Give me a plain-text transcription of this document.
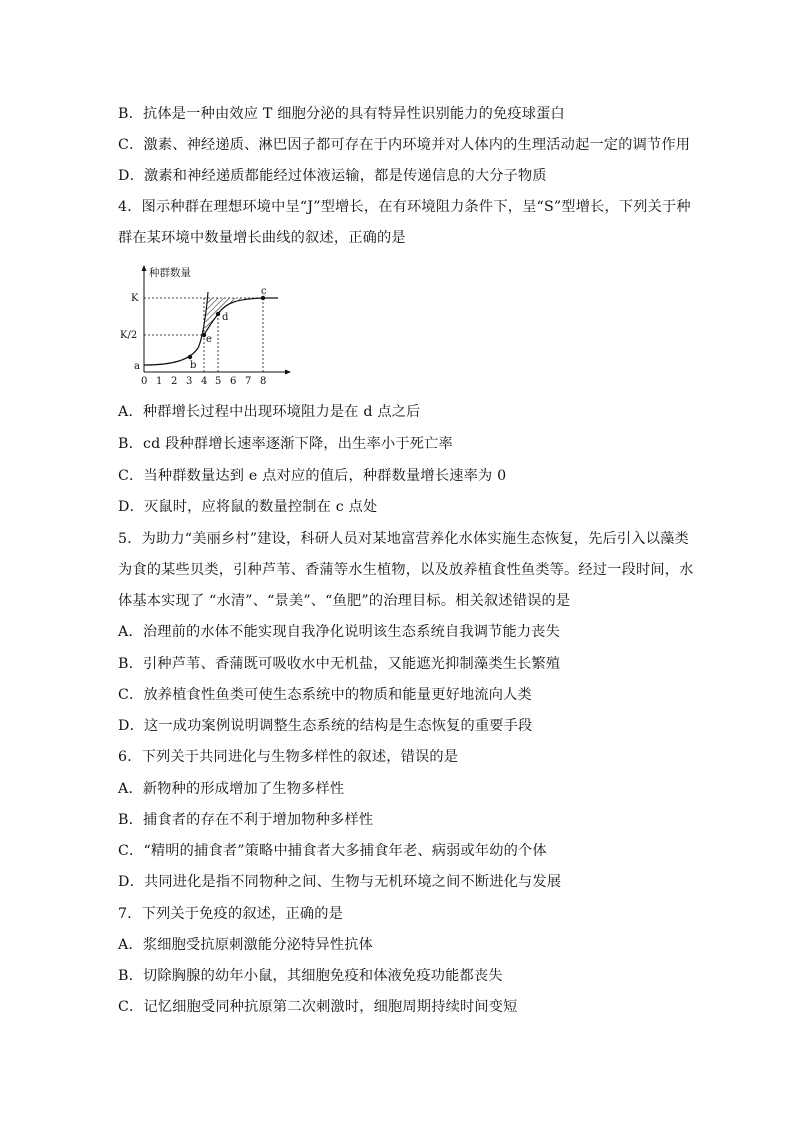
B．抗体是一种由效应 T 细胞分泌的具有特异性识别能力的免疫球蛋白
C．激素、神经递质、淋巴因子都可存在于内环境并对人体内的生理活动起一定的调节作用
D．激素和神经递质都能经过体液运输，都是传递信息的大分子物质
4．图示种群在理想环境中呈“J”型增长，在有环境阻力条件下，呈“S”型增长，下列关于种
群在某环境中数量增长曲线的叙述，正确的是
种群数量
K
K/2
a	b
e
d
c
0 1 2 3 4 5 6 7 8
A．种群增长过程中出现环境阻力是在 d 点之后
B．cd 段种群增长速率逐渐下降，出生率小于死亡率
C．当种群数量达到 e 点对应的值后，种群数量增长速率为 0
D．灭鼠时，应将鼠的数量控制在 c 点处
5．为助力“美丽乡村”建设，科研人员对某地富营养化水体实施生态恢复，先后引入以藻类
为食的某些贝类，引种芦苇、香蒲等水生植物，以及放养植食性鱼类等。经过一段时间，水
体基本实现了 “水清”、“景美”、“鱼肥”的治理目标。相关叙述错误的是
A．治理前的水体不能实现自我净化说明该生态系统自我调节能力丧失
B．引种芦苇、香蒲既可吸收水中无机盐，又能遮光抑制藻类生长繁殖
C．放养植食性鱼类可使生态系统中的物质和能量更好地流向人类
D．这一成功案例说明调整生态系统的结构是生态恢复的重要手段
6．下列关于共同进化与生物多样性的叙述，错误的是
A．新物种的形成增加了生物多样性
B．捕食者的存在不利于增加物种多样性
C．“精明的捕食者”策略中捕食者大多捕食年老、病弱或年幼的个体
D．共同进化是指不同物种之间、生物与无机环境之间不断进化与发展
7．下列关于免疫的叙述，正确的是
A．浆细胞受抗原刺激能分泌特异性抗体
B．切除胸腺的幼年小鼠，其细胞免疫和体液免疫功能都丧失
C．记忆细胞受同种抗原第二次刺激时，细胞周期持续时间变短
